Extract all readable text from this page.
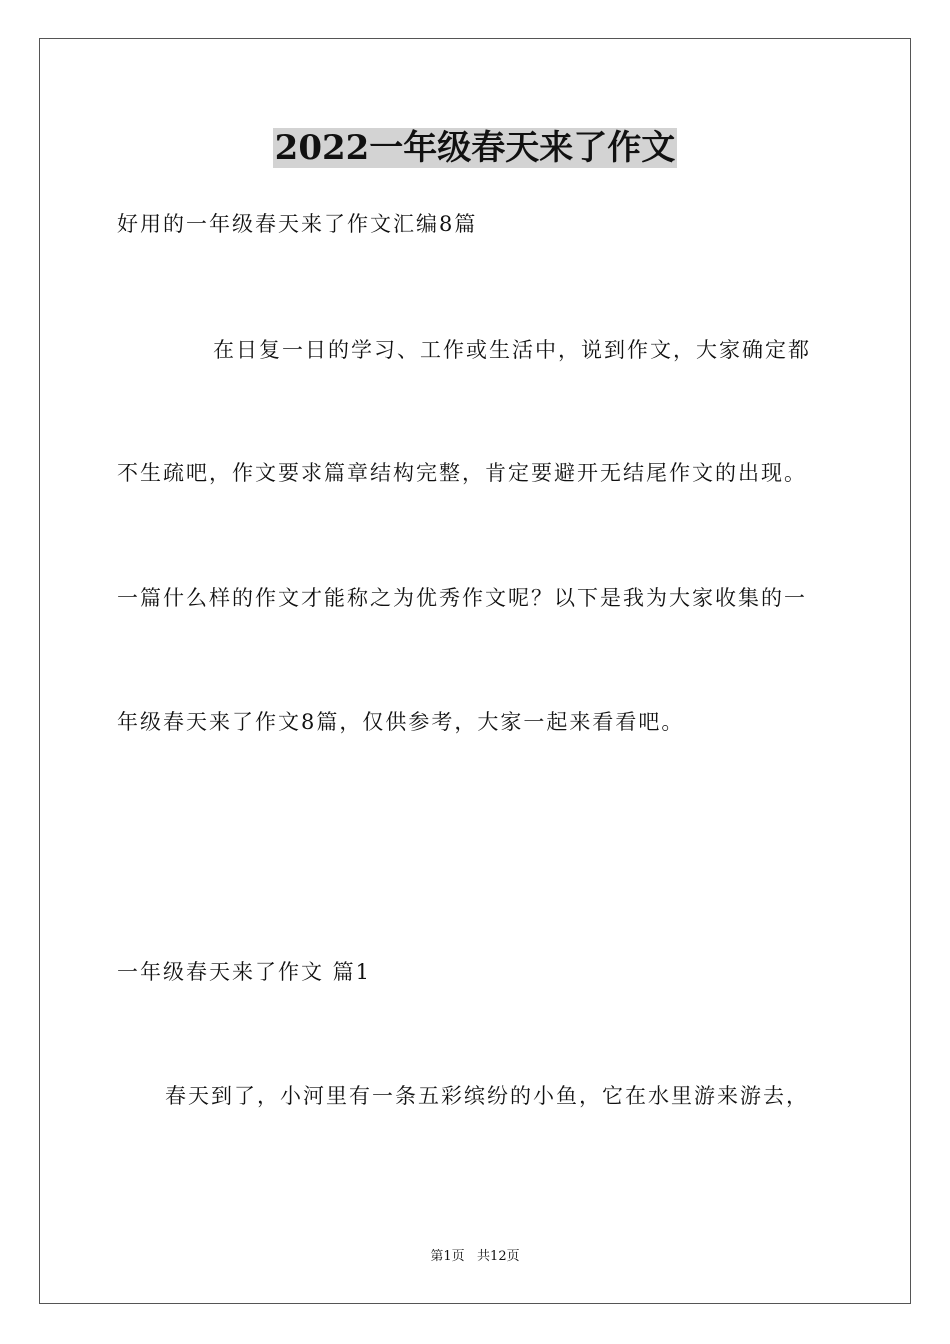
2022一年级春天来了作文
好用的一年级春天来了作文汇编8篇
在日复一日的学习、工作或生活中，说到作文，大家确定都
不生疏吧，作文要求篇章结构完整，肯定要避开无结尾作文的出现。
一篇什么样的作文才能称之为优秀作文呢？以下是我为大家收集的一
年级春天来了作文8篇，仅供参考，大家一起来看看吧。
一年级春天来了作文 篇1
春天到了，小河里有一条五彩缤纷的小鱼，它在水里游来游去，
第1页   共12页
